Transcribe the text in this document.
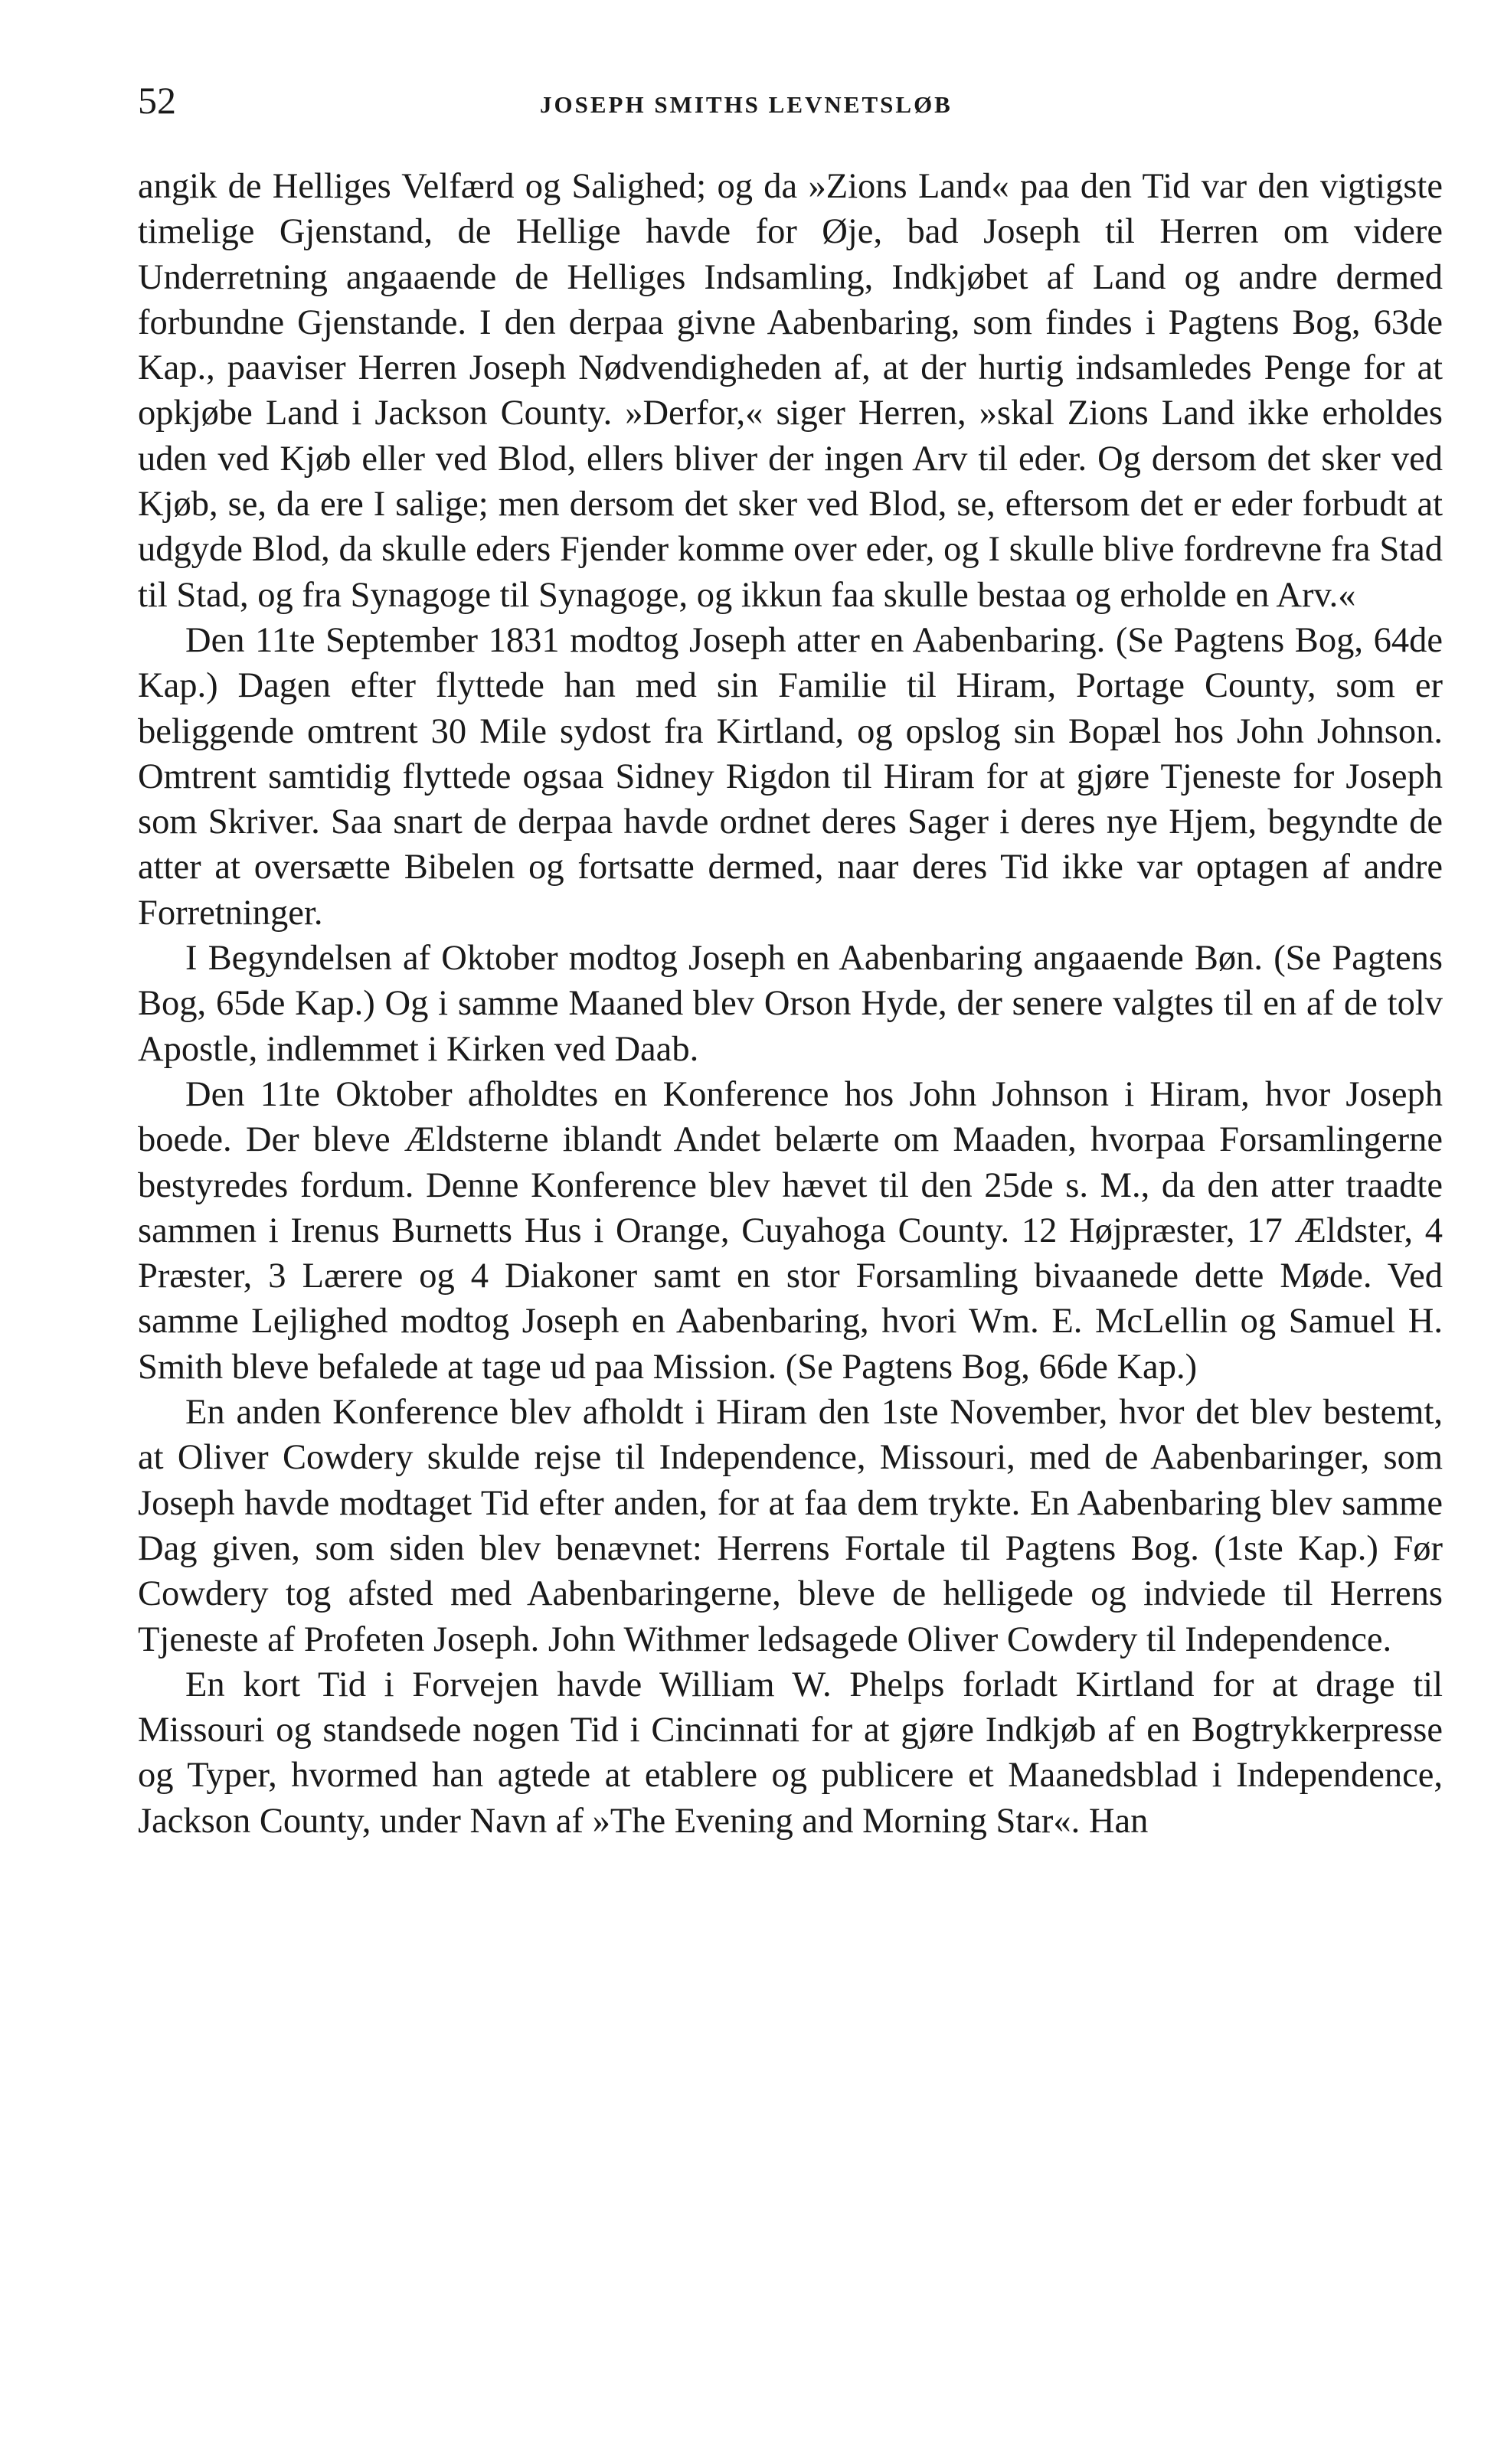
52	JOSEPH SMITHS LEVNETSLØB

angik de Helliges Velfærd og Salighed; og da »Zions Land« paa den Tid var den vigtigste timelige Gjenstand, de Hellige havde for Øje, bad Joseph til Herren om videre Underretning angaaende de Helliges Indsamling, Indkjøbet af Land og andre dermed forbundne Gjenstande. I den derpaa givne Aabenbaring, som findes i Pagtens Bog, 63de Kap., paaviser Herren Joseph Nødvendigheden af, at der hurtig indsamledes Penge for at opkjøbe Land i Jackson County. »Derfor,« siger Herren, »skal Zions Land ikke erholdes uden ved Kjøb eller ved Blod, ellers bliver der ingen Arv til eder. Og dersom det sker ved Kjøb, se, da ere I salige; men dersom det sker ved Blod, se, eftersom det er eder forbudt at udgyde Blod, da skulle eders Fjender komme over eder, og I skulle blive fordrevne fra Stad til Stad, og fra Synagoge til Synagoge, og ikkun faa skulle bestaa og erholde en Arv.«

Den 11te September 1831 modtog Joseph atter en Aabenbaring. (Se Pagtens Bog, 64de Kap.) Dagen efter flyttede han med sin Familie til Hiram, Portage County, som er beliggende omtrent 30 Mile sydost fra Kirtland, og opslog sin Bopæl hos John Johnson. Omtrent samtidig flyttede ogsaa Sidney Rigdon til Hiram for at gjøre Tjeneste for Joseph som Skriver. Saa snart de derpaa havde ordnet deres Sager i deres nye Hjem, begyndte de atter at oversætte Bibelen og fortsatte dermed, naar deres Tid ikke var optagen af andre Forretninger.

I Begyndelsen af Oktober modtog Joseph en Aabenbaring angaaende Bøn. (Se Pagtens Bog, 65de Kap.) Og i samme Maaned blev Orson Hyde, der senere valgtes til en af de tolv Apostle, indlemmet i Kirken ved Daab.

Den 11te Oktober afholdtes en Konference hos John Johnson i Hiram, hvor Joseph boede. Der bleve Ældsterne iblandt Andet belærte om Maaden, hvorpaa Forsamlingerne bestyredes fordum. Denne Konference blev hævet til den 25de s. M., da den atter traadte sammen i Irenus Burnetts Hus i Orange, Cuyahoga County. 12 Højpræster, 17 Ældster, 4 Præster, 3 Lærere og 4 Diakoner samt en stor Forsamling bivaanede dette Møde. Ved samme Lejlighed modtog Joseph en Aabenbaring, hvori Wm. E. McLellin og Samuel H. Smith bleve befalede at tage ud paa Mission. (Se Pagtens Bog, 66de Kap.)

En anden Konference blev afholdt i Hiram den 1ste November, hvor det blev bestemt, at Oliver Cowdery skulde rejse til Independence, Missouri, med de Aabenbaringer, som Joseph havde modtaget Tid efter anden, for at faa dem trykte. En Aabenbaring blev samme Dag given, som siden blev benævnet: Herrens Fortale til Pagtens Bog. (1ste Kap.) Før Cowdery tog afsted med Aabenbaringerne, bleve de helligede og indviede til Herrens Tjeneste af Profeten Joseph. John Withmer ledsagede Oliver Cowdery til Independence.

En kort Tid i Forvejen havde William W. Phelps forladt Kirtland for at drage til Missouri og standsede nogen Tid i Cincinnati for at gjøre Indkjøb af en Bogtrykkerpresse og Typer, hvormed han agtede at etablere og publicere et Maanedsblad i Independence, Jackson County, under Navn af »The Evening and Morning Star«. Han
